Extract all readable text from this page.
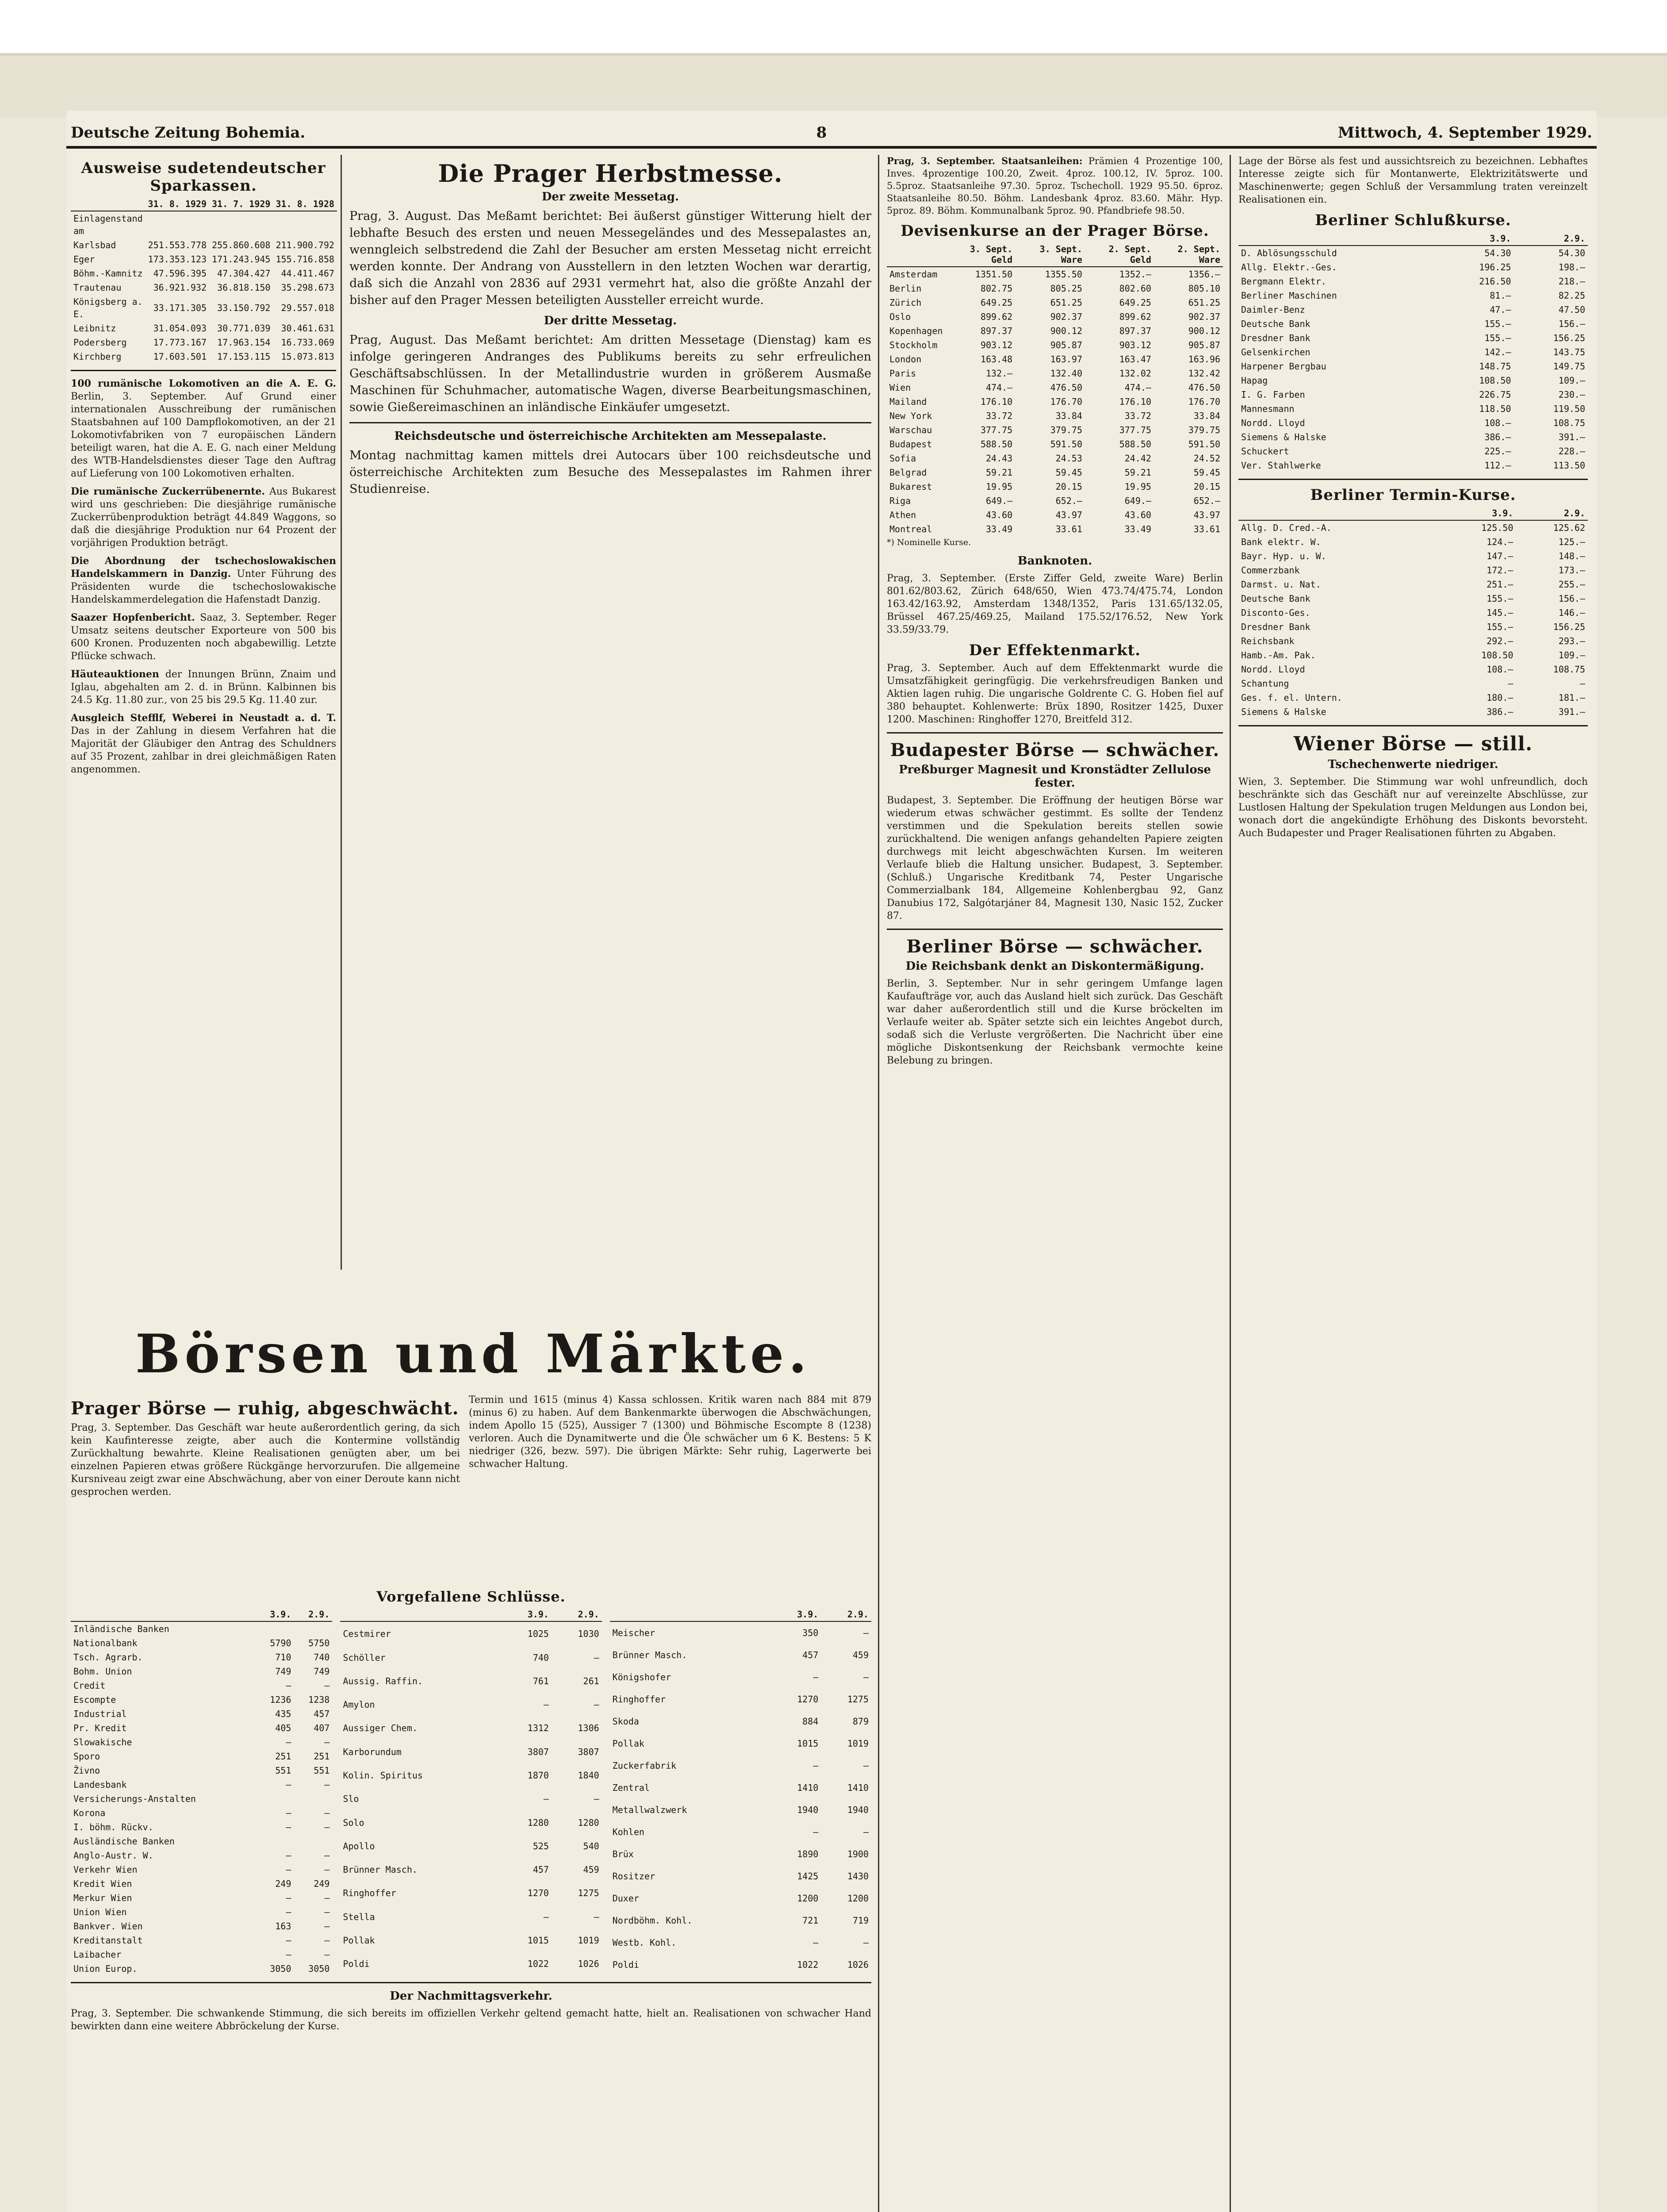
Deutsche Zeitung Bohemia.	8	Mittwoch, 4. September 1929.
Ausweise sudetendeutscher Sparkassen.
	31. 8. 1929	31. 7. 1929	31. 8. 1928
Einlagenstand am			
Karlsbad	251.553.778	255.860.608	211.900.792
Eger	173.353.123	171.243.945	155.716.858
Böhm.-Kamnitz	47.596.395	47.304.427	44.411.467
Trautenau	36.921.932	36.818.150	35.298.673
Königsberg a. E.	33.171.305	33.150.792	29.557.018
Leibnitz	31.054.093	30.771.039	30.461.631
Podersberg	17.773.167	17.963.154	16.733.069
Kirchberg	17.603.501	17.153.115	15.073.813

100 rumänische Lokomotiven an die A. E. G. Berlin, 3. September. Auf Grund einer internationalen Ausschreibung der rumänischen Staatsbahnen auf 100 Dampflokomotiven, an der 21 Lokomotivfabriken von 7 europäischen Ländern beteiligt waren, hat die A. E. G. nach einer Meldung des WTB-Handelsdienstes dieser Tage den Auftrag auf Lieferung von 100 Lokomotiven erhalten.

Die rumänische Zuckerrübenernte. Aus Bukarest wird uns geschrieben: Die diesjährige rumänische Zuckerrübenproduktion beträgt 44.849 Waggons, so daß die diesjährige Produktion nur 64 Prozent der vorjährigen Produktion beträgt.

Die Abordnung der tschechoslowakischen Handelskammern in Danzig. Unter Führung des Präsidenten wurde die tschechoslowakische Handelskammerdelegation die Hafenstadt Danzig.

Saazer Hopfenbericht. Saaz, 3. September. Reger Umsatz seitens deutscher Exporteure von 500 bis 600 Kronen. Produzenten noch abgabewillig. Letzte Pflücke schwach.

Häuteauktionen der Innungen Brünn, Znaim und Iglau, abgehalten am 2. d. in Brünn. Kalbinnen bis 24.5 Kg. 11.80 zur., von 25 bis 29.5 Kg. 11.40 zur.

Ausgleich Stefflf, Weberei in Neustadt a. d. T. Das in der Zahlung in diesem Verfahren hat die Majorität der Gläubiger den Antrag des Schuldners auf 35 Prozent, zahlbar in drei gleichmäßigen Raten angenommen.

Die Prager Herbstmesse.
Der zweite Messetag.

Prag, 3. August. Das Meßamt berichtet: Bei äußerst günstiger Witterung hielt der lebhafte Besuch des ersten und neuen Messegeländes und des Messepalastes an, wenngleich selbstredend die Zahl der Besucher am ersten Messetag nicht erreicht werden konnte. Der Andrang von Ausstellern in den letzten Wochen war derartig, daß sich die Anzahl von 2836 auf 2931 vermehrt hat, also die größte Anzahl der bisher auf den Prager Messen beteiligten Aussteller erreicht wurde.

Der dritte Messetag.

Prag, August. Das Meßamt berichtet: Am dritten Messetage (Dienstag) kam es infolge geringeren Andranges des Publikums bereits zu sehr erfreulichen Geschäftsabschlüssen. In der Metallindustrie wurden in größerem Ausmaße Maschinen für Schuhmacher, automatische Wagen, diverse Bearbeitungsmaschinen, sowie Gießereimaschinen an inländische Einkäufer umgesetzt.

Reichsdeutsche und österreichische Architekten am Messepalaste.

Montag nachmittag kamen mittels drei Autocars über 100 reichsdeutsche und österreichische Architekten zum Besuche des Messepalastes im Rahmen ihrer Studienreise.

Prag, 3. September. Staatsanleihen: Prämien 4 Prozentige 100, Inves. 4prozentige 100.20, Zweit. 4proz. 100.12, IV. 5proz. 100. 5.5proz. Staatsanleihe 97.30. 5proz. Tschecholl. 1929 95.50. 6proz. Staatsanleihe 80.50. Böhm. Landesbank 4proz. 83.60. Mähr. Hyp. 5proz. 89. Böhm. Kommunalbank 5proz. 90. Pfandbriefe 98.50.

Devisenkurse an der Prager Börse.
	3. Sept. Geld	3. Sept. Ware	2. Sept. Geld	2. Sept. Ware
Amsterdam	1351.50	1355.50	1352.—	1356.—
Berlin	802.75	805.25	802.60	805.10
Zürich	649.25	651.25	649.25	651.25
Oslo	899.62	902.37	899.62	902.37
Kopenhagen	897.37	900.12	897.37	900.12
Stockholm	903.12	905.87	903.12	905.87
London	163.48	163.97	163.47	163.96
Paris	132.—	132.40	132.02	132.42
Wien	474.—	476.50	474.—	476.50
Mailand	176.10	176.70	176.10	176.70
New York	33.72	33.84	33.72	33.84
Warschau	377.75	379.75	377.75	379.75
Budapest	588.50	591.50	588.50	591.50
Sofia	24.43	24.53	24.42	24.52
Belgrad	59.21	59.45	59.21	59.45
Bukarest	19.95	20.15	19.95	20.15
Riga	649.—	652.—	649.—	652.—
Athen	43.60	43.97	43.60	43.97
Montreal	33.49	33.61	33.49	33.61

*) Nominelle Kurse.

Banknoten.

Prag, 3. September. (Erste Ziffer Geld, zweite Ware) Berlin 801.62/803.62, Zürich 648/650, Wien 473.74/475.74, London 163.42/163.92, Amsterdam 1348/1352, Paris 131.65/132.05, Brüssel 467.25/469.25, Mailand 175.52/176.52, New York 33.59/33.79.

Der Effektenmarkt.

Prag, 3. September. Auch auf dem Effektenmarkt wurde die Umsatzfähigkeit geringfügig. Die verkehrsfreudigen Banken und Aktien lagen ruhig. Die ungarische Goldrente C. G. Hoben fiel auf 380 behauptet. Kohlenwerte: Brüx 1890, Rositzer 1425, Duxer 1200. Maschinen: Ringhoffer 1270, Breitfeld 312.

Budapester Börse — schwächer.
Preßburger Magnesit und Kronstädter Zellulose fester.

Budapest, 3. September. Die Eröffnung der heutigen Börse war wiederum etwas schwächer gestimmt. Es sollte der Tendenz verstimmen und die Spekulation bereits stellen sowie zurückhaltend. Die wenigen anfangs gehandelten Papiere zeigten durchwegs mit leicht abgeschwächten Kursen. Im weiteren Verlaufe blieb die Haltung unsicher. Budapest, 3. September. (Schluß.) Ungarische Kreditbank 74, Pester Ungarische Commerzialbank 184, Allgemeine Kohlenbergbau 92, Ganz Danubius 172, Salgótarjáner 84, Magnesit 130, Nasic 152, Zucker 87.

Berliner Börse — schwächer.
Die Reichsbank denkt an Diskontermäßigung.

Berlin, 3. September. Nur in sehr geringem Umfange lagen Kaufaufträge vor, auch das Ausland hielt sich zurück. Das Geschäft war daher außerordentlich still und die Kurse bröckelten im Verlaufe weiter ab. Später setzte sich ein leichtes Angebot durch, sodaß sich die Verluste vergrößerten. Die Nachricht über eine mögliche Diskontsenkung der Reichsbank vermochte keine Belebung zu bringen.

Lage der Börse als fest und aussichtsreich zu bezeichnen. Lebhaftes Interesse zeigte sich für Montanwerte, Elektrizitätswerte und Maschinenwerte; gegen Schluß der Versammlung traten vereinzelt Realisationen ein.

Berliner Schlußkurse.
	3.9.	2.9.
D. Ablösungsschuld	54.30	54.30
Allg. Elektr.-Ges.	196.25	198.—
Bergmann Elektr.	216.50	218.—
Berliner Maschinen	81.—	82.25
Daimler-Benz	47.—	47.50
Deutsche Bank	155.—	156.—
Dresdner Bank	155.—	156.25
Gelsenkirchen	142.—	143.75
Harpener Bergbau	148.75	149.75
Hapag	108.50	109.—
I. G. Farben	226.75	230.—
Mannesmann	118.50	119.50
Nordd. Lloyd	108.—	108.75
Siemens & Halske	386.—	391.—
Schuckert	225.—	228.—
Ver. Stahlwerke	112.—	113.50
Berliner Termin-Kurse.
	3.9.	2.9.
Allg. D. Cred.-A.	125.50	125.62
Bank elektr. W.	124.—	125.—
Bayr. Hyp. u. W.	147.—	148.—
Commerzbank	172.—	173.—
Darmst. u. Nat.	251.—	255.—
Deutsche Bank	155.—	156.—
Disconto-Ges.	145.—	146.—
Dresdner Bank	155.—	156.25
Reichsbank	292.—	293.—
Hamb.-Am. Pak.	108.50	109.—
Nordd. Lloyd	108.—	108.75
Schantung	—	—
Ges. f. el. Untern.	180.—	181.—
Siemens & Halske	386.—	391.—
Wiener Börse — still.
Tschechenwerte niedriger.

Wien, 3. September. Die Stimmung war wohl unfreundlich, doch beschränkte sich das Geschäft nur auf vereinzelte Abschlüsse, zur Lustlosen Haltung der Spekulation trugen Meldungen aus London bei, wonach dort die angekündigte Erhöhung des Diskonts bevorsteht. Auch Budapester und Prager Realisationen führten zu Abgaben.

Börsen und Märkte.
Prager Börse — ruhig, abgeschwächt.

Prag, 3. September. Das Geschäft war heute außerordentlich gering, da sich kein Kaufinteresse zeigte, aber auch die Kontermine vollständig Zurückhaltung bewahrte. Kleine Realisationen genügten aber, um bei einzelnen Papieren etwas größere Rückgänge hervorzurufen. Die allgemeine Kursniveau zeigt zwar eine Abschwächung, aber von einer Deroute kann nicht gesprochen werden.

Termin und 1615 (minus 4) Kassa schlossen. Kritik waren nach 884 mit 879 (minus 6) zu haben. Auf dem Bankenmarkte überwogen die Abschwächungen, indem Apollo 15 (525), Aussiger 7 (1300) und Böhmische Escompte 8 (1238) verloren. Auch die Dynamitwerte und die Öle schwächer um 6 K. Bestens: 5 K niedriger (326, bezw. 597). Die übrigen Märkte: Sehr ruhig, Lagerwerte bei schwacher Haltung.

Vorgefallene Schlüsse.
	3.9.	2.9.
Inländische Banken		
Nationalbank	5790	5750
Tsch. Agrarb.	710	740
Bohm. Union	749	749
Credit	—	—
Escompte	1236	1238
Industrial	435	457
Pr. Kredit	405	407
Slowakische	—	—
Sporo	251	251
Živno	551	551
Landesbank	—	—
Versicherungs-Anstalten		
Korona	—	—
I. böhm. Rückv.	—	—
Ausländische Banken		
Anglo-Austr. W.	—	—
Verkehr Wien	—	—
Kredit Wien	249	249
Merkur Wien	—	—
Union Wien	—	—
Bankver. Wien	163	—
Kreditanstalt	—	—
Laibacher	—	—
Union Europ.	3050	3050
	3.9.	2.9.
Cestmirer	1025	1030
Schöller	740	—
Aussig. Raffin.	761	261
Amylon	—	—
Aussiger Chem.	1312	1306
Karborundum	3807	3807
Kolin. Spiritus	1870	1840
Slo	—	—
Solo	1280	1280
Apollo	525	540
Brünner Masch.	457	459
Ringhoffer	1270	1275
Stella	—	—
Pollak	1015	1019
Poldi	1022	1026
	3.9.	2.9.
Meischer	350	—
Brünner Masch.	457	459
Königshofer	—	—
Ringhoffer	1270	1275
Skoda	884	879
Pollak	1015	1019
Zuckerfabrik	—	—
Zentral	1410	1410
Metallwalzwerk	1940	1940
Kohlen	—	—
Brüx	1890	1900
Rositzer	1425	1430
Duxer	1200	1200
Nordböhm. Kohl.	721	719
Westb. Kohl.	—	—
Poldi	1022	1026
Der Nachmittagsverkehr.

Prag, 3. September. Die schwankende Stimmung, die sich bereits im offiziellen Verkehr geltend gemacht hatte, hielt an. Realisationen von schwacher Hand bewirkten dann eine weitere Abbröckelung der Kurse.
